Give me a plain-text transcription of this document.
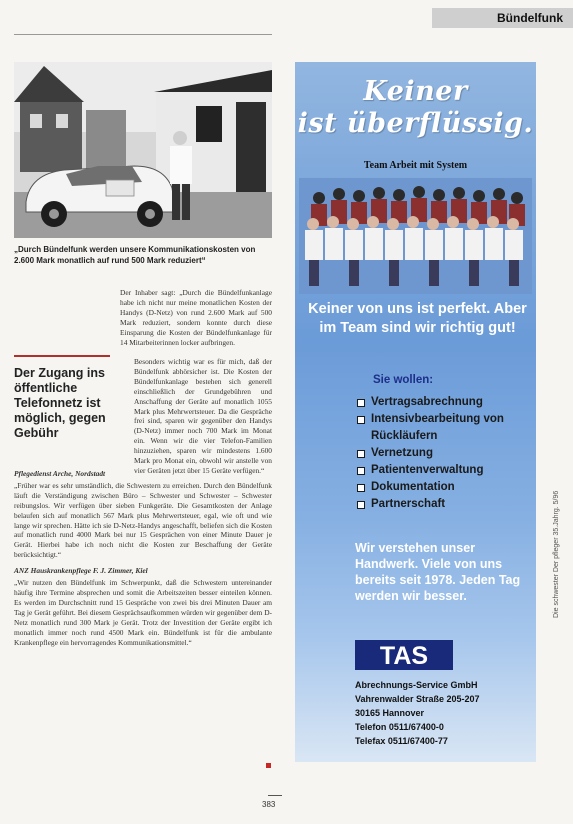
Bündelfunk
„Durch Bündelfunk werden unsere Kommunikationskosten von 2.600 Mark monatlich auf rund 500 Mark reduziert“

Der Inhaber sagt: „Durch die Bündelfunkanlage habe ich nicht nur meine monatlichen Kosten der Handys (D-Netz) von rund 2.600 Mark auf 500 Mark reduziert, sondern konnte durch diese Einsparung die Kosten der Bündelfunkanlage für 14 Mitarbeiterinnen locker aufbringen.

Der Zugang ins öffentliche Telefonnetz ist möglich, gegen Gebühr

Besonders wichtig war es für mich, daß der Bündelfunk abhörsicher ist. Die Kosten der Bündelfunkanlage bestehen sich generell einschließlich der Grundgebühren und Anschaffung der Geräte auf monatlich 1055 Mark plus Mehrwertsteuer. Da die Gespräche frei sind, sparen wir gegenüber den Handys (D-Netz) immer noch 700 Mark im Monat ein. Wenn wir die vier Telefon-Familien hinzuziehen, sparen wir mindestens 1.600 Mark pro Monat ein, obwohl wir anstelle von vier Geräten jetzt über 15 Geräte verfügen.“

Pflegedienst Arche, Nordstadt

„Früher war es sehr umständlich, die Schwestern zu erreichen. Durch den Bündelfunk läuft die Verständigung zwischen Büro – Schwester und Schwester – Schwester reibungslos. Wir verfügen über sieben Funkgeräte. Die Gesamtkosten der Anlage belaufen sich auf monatlich 567 Mark plus Mehrwertsteuer, egal, wie oft und wie lange wir sprechen. Hätte ich sie D-Netz-Handys angeschafft, beliefen sich die Kosten auf monatlich rund 4000 Mark bei nur 15 Gesprächen von einer Minute Dauer je Gerät. Hierbei habe ich noch nicht die Kosten zur Beschaffung der Geräte berücksichtigt.“

ANZ Hauskrankenpflege F. J. Zimmer, Kiel

„Wir nutzen den Bündelfunk im Schwerpunkt, daß die Schwestern untereinander häufig ihre Termine absprechen und somit die Arbeitszeiten besser einteilen können. Es werden im Durchschnitt rund 15 Gespräche von zwei bis drei Minuten Dauer am Tag je Gerät geführt. Bei diesem Gesprächsaufkommen würden wir gegenüber dem D-Netz monatlich rund 300 Mark je Gerät. Trotz der Investition der Geräte ergibt ich monatlich immer noch rund 4500 Mark ein. Bündelfunk ist für die ambulante Krankenpflege ein hervorragendes Kommunikationsmittel.“

383
Keiner
ist überflüssig.
Team Arbeit mit System
Keiner von uns ist perfekt. Aber im Team sind wir richtig gut!
Sie wollen:
Vertragsabrechnung
Intensivbearbeitung von Rückläufern
Vernetzung
Patientenverwaltung
Dokumentation
Partnerschaft
Wir verstehen unser Handwerk. Viele von uns bereits seit 1978. Jeden Tag werden wir besser.
TAS
Abrechnungs-Service GmbH
Vahrenwalder Straße 205-207
30165 Hannover
Telefon 0511/67400-0
Telefax 0511/67400-77
Die schwester Der pfleger 35.Jahrg. 5/96
